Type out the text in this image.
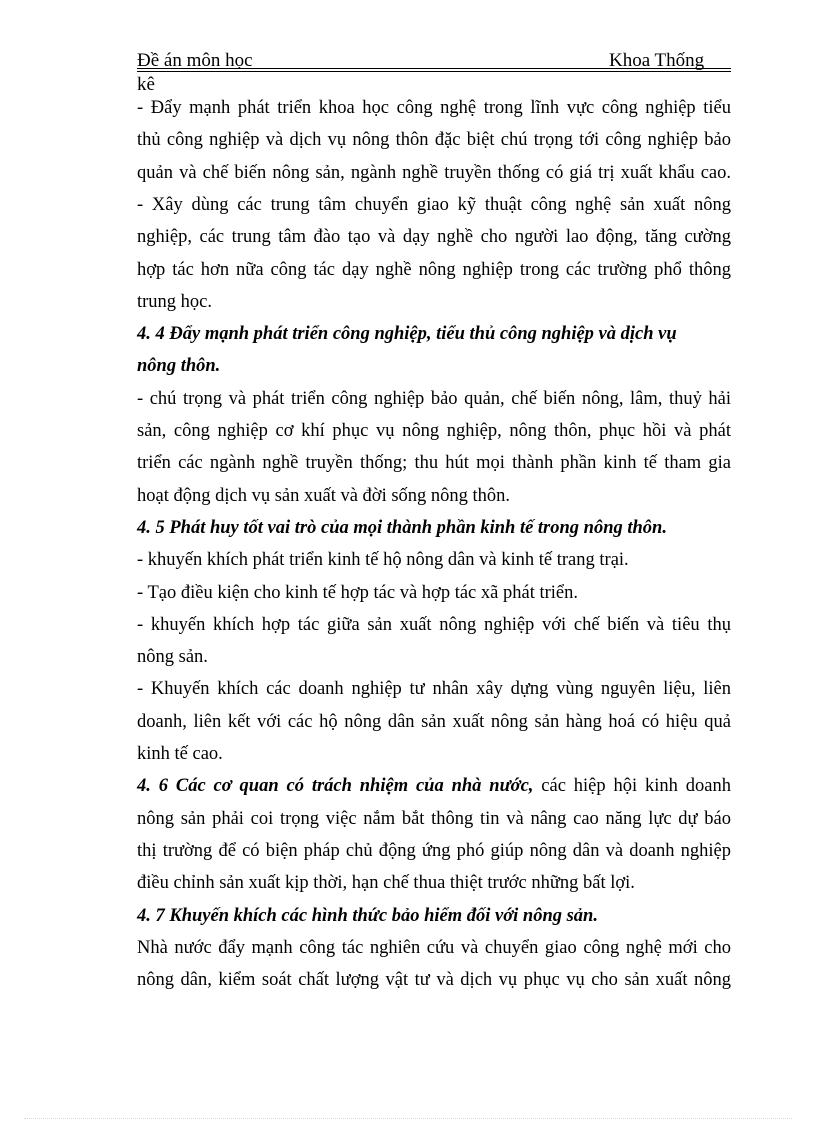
Đề án môn học	Khoa Thống
kê
- Đẩy mạnh phát triển khoa học công nghệ trong lĩnh vực công nghiệp tiểu
thủ công nghiệp và dịch vụ nông thôn đặc biệt chú trọng tới công nghiệp bảo
quản và chế biến nông sản, ngành nghề truyền thống có giá trị xuất khẩu cao.
- Xây dùng các trung tâm chuyển giao kỹ thuật công nghệ sản xuất nông
nghiệp, các trung tâm đào tạo và dạy nghề cho người lao động, tăng cường
hợp tác hơn nữa công tác dạy nghề nông nghiệp trong các trường phổ thông
trung học.
4. 4 Đẩy mạnh phát triển công nghiệp, tiểu thủ công nghiệp và dịch vụ
nông thôn.
- chú trọng và phát triển công nghiệp bảo quản, chế biến nông, lâm, thuỷ hải
sản, công nghiệp cơ khí phục vụ nông nghiệp, nông thôn, phục hồi và phát
triển các ngành nghề truyền thống; thu hút mọi thành phần kinh tế tham gia
hoạt động dịch vụ sản xuất và đời sống nông thôn.
4. 5 Phát huy tốt vai trò của mọi thành phần kinh tế trong nông thôn.
- khuyến khích phát triển kinh tế hộ nông dân và kinh tế trang trại.
- Tạo điều kiện cho kinh tế hợp tác và hợp tác xã phát triển.
- khuyến khích hợp tác giữa sản xuất nông nghiệp với chế biến và tiêu thụ
nông sản.
- Khuyến khích các doanh nghiệp tư nhân xây dựng vùng nguyên liệu, liên
doanh, liên kết với các hộ nông dân sản xuất nông sản hàng hoá có hiệu quả
kinh tế cao.
4. 6 Các cơ quan có trách nhiệm của nhà nước, các hiệp hội kinh doanh
nông sản phải coi trọng việc nắm bắt thông tin và nâng cao năng lực dự báo
thị trường để có biện pháp chủ động ứng phó giúp nông dân và doanh nghiệp
điều chỉnh sản xuất kịp thời, hạn chế thua thiệt trước những bất lợi.
4. 7 Khuyến khích các hình thức bảo hiểm đối với nông sản.
Nhà nước đẩy mạnh công tác nghiên cứu và chuyển giao công nghệ mới cho
nông dân, kiểm soát chất lượng vật tư và dịch vụ phục vụ cho sản xuất nông
